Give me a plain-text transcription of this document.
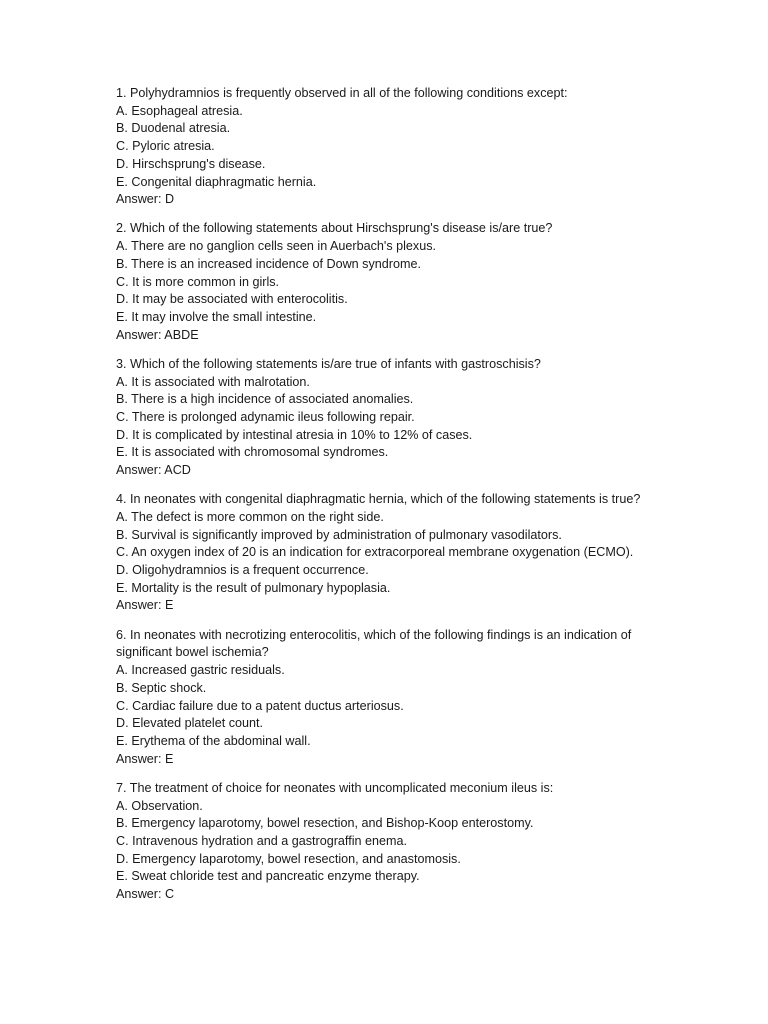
1. Polyhydramnios is frequently observed in all of the following conditions except:
A. Esophageal atresia.
B. Duodenal atresia.
C. Pyloric atresia.
D. Hirschsprung's disease.
E. Congenital diaphragmatic hernia.
Answer: D
2. Which of the following statements about Hirschsprung's disease is/are true?
A. There are no ganglion cells seen in Auerbach's plexus.
B. There is an increased incidence of Down syndrome.
C. It is more common in girls.
D. It may be associated with enterocolitis.
E. It may involve the small intestine.
Answer: ABDE
3. Which of the following statements is/are true of infants with gastroschisis?
A. It is associated with malrotation.
B. There is a high incidence of associated anomalies.
C. There is prolonged adynamic ileus following repair.
D. It is complicated by intestinal atresia in 10% to 12% of cases.
E. It is associated with chromosomal syndromes.
Answer: ACD
4. In neonates with congenital diaphragmatic hernia, which of the following statements is true?
A. The defect is more common on the right side.
B. Survival is significantly improved by administration of pulmonary vasodilators.
C. An oxygen index of 20 is an indication for extracorporeal membrane oxygenation (ECMO).
D. Oligohydramnios is a frequent occurrence.
E. Mortality is the result of pulmonary hypoplasia.
Answer: E
6. In neonates with necrotizing enterocolitis, which of the following findings is an indication of significant bowel ischemia?
A. Increased gastric residuals.
B. Septic shock.
C. Cardiac failure due to a patent ductus arteriosus.
D. Elevated platelet count.
E. Erythema of the abdominal wall.
Answer: E
7. The treatment of choice for neonates with uncomplicated meconium ileus is:
A. Observation.
B. Emergency laparotomy, bowel resection, and Bishop-Koop enterostomy.
C. Intravenous hydration and a gastrograffin enema.
D. Emergency laparotomy, bowel resection, and anastomosis.
E. Sweat chloride test and pancreatic enzyme therapy.
Answer: C
